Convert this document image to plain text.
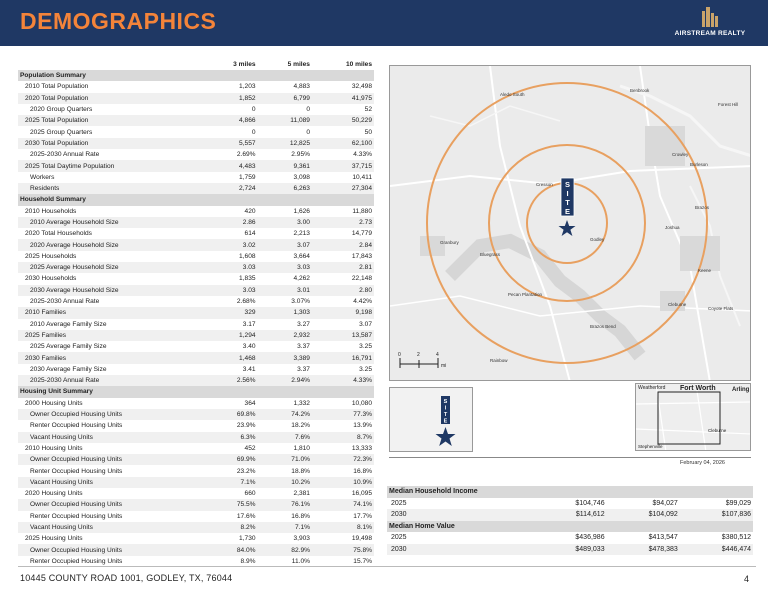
DEMOGRAPHICS	AIRSTREAM REALTY
	3 miles	5 miles	10 miles
Population Summary			
2010 Total Population	1,203	4,883	32,498
2020 Total Population	1,852	6,799	41,975
2020 Group Quarters	0	0	52
2025 Total Population	4,866	11,089	50,229
2025 Group Quarters	0	0	50
2030 Total Population	5,557	12,825	62,100
2025-2030 Annual Rate	2.69%	2.95%	4.33%
2025 Total Daytime Population	4,483	9,361	37,715
Workers	1,759	3,098	10,411
Residents	2,724	6,263	27,304
Household Summary			
2010 Households	420	1,626	11,880
2010 Average Household Size	2.86	3.00	2.73
2020 Total Households	614	2,213	14,779
2020 Average Household Size	3.02	3.07	2.84
2025 Households	1,608	3,664	17,843
2025 Average Household Size	3.03	3.03	2.81
2030 Households	1,835	4,262	22,148
2030 Average Household Size	3.03	3.01	2.80
2025-2030 Annual Rate	2.68%	3.07%	4.42%
2010 Families	329	1,303	9,198
2010 Average Family Size	3.17	3.27	3.07
2025 Families	1,294	2,932	13,587
2025 Average Family Size	3.40	3.37	3.25
2030 Families	1,468	3,389	16,791
2030 Average Family Size	3.41	3.37	3.25
2025-2030 Annual Rate	2.56%	2.94%	4.33%
Housing Unit Summary			
2000 Housing Units	364	1,332	10,080
Owner Occupied Housing Units	69.8%	74.2%	77.3%
Renter Occupied Housing Units	23.9%	18.2%	13.9%
Vacant Housing Units	6.3%	7.6%	8.7%
2010 Housing Units	452	1,810	13,333
Owner Occupied Housing Units	69.9%	71.0%	72.3%
Renter Occupied Housing Units	23.2%	18.8%	16.8%
Vacant Housing Units	7.1%	10.2%	10.9%
2020 Housing Units	660	2,381	16,095
Owner Occupied Housing Units	75.5%	76.1%	74.1%
Renter Occupied Housing Units	17.6%	16.8%	17.7%
Vacant Housing Units	8.2%	7.1%	8.1%
2025 Housing Units	1,730	3,903	19,498
Owner Occupied Housing Units	84.0%	82.9%	75.8%
Renter Occupied Housing Units	8.9%	11.0%	15.7%
Benbrook
Forest Hill
Aledo South
Crowley
Burleson
Brazos
Joshua
Granbury
Cresson
Godley
Bluegrass
Pecan Plantation
Cleburne
Coyote Flats
Keene
Brazos Bend
Rainbow
S
I
T
E
0	2	4
mi
S
I
T
E
Weatherford Fort Worth	Arling
Cleburne
Stephenville
February 04, 2026
Median Household Income			
2025	$104,746	$94,027	$99,029
2030	$114,612	$104,092	$107,836
Median Home Value			
2025	$436,986	$413,547	$380,512
2030	$489,033	$478,383	$446,474
10445 COUNTY ROAD 1001, GODLEY, TX, 76044	4
